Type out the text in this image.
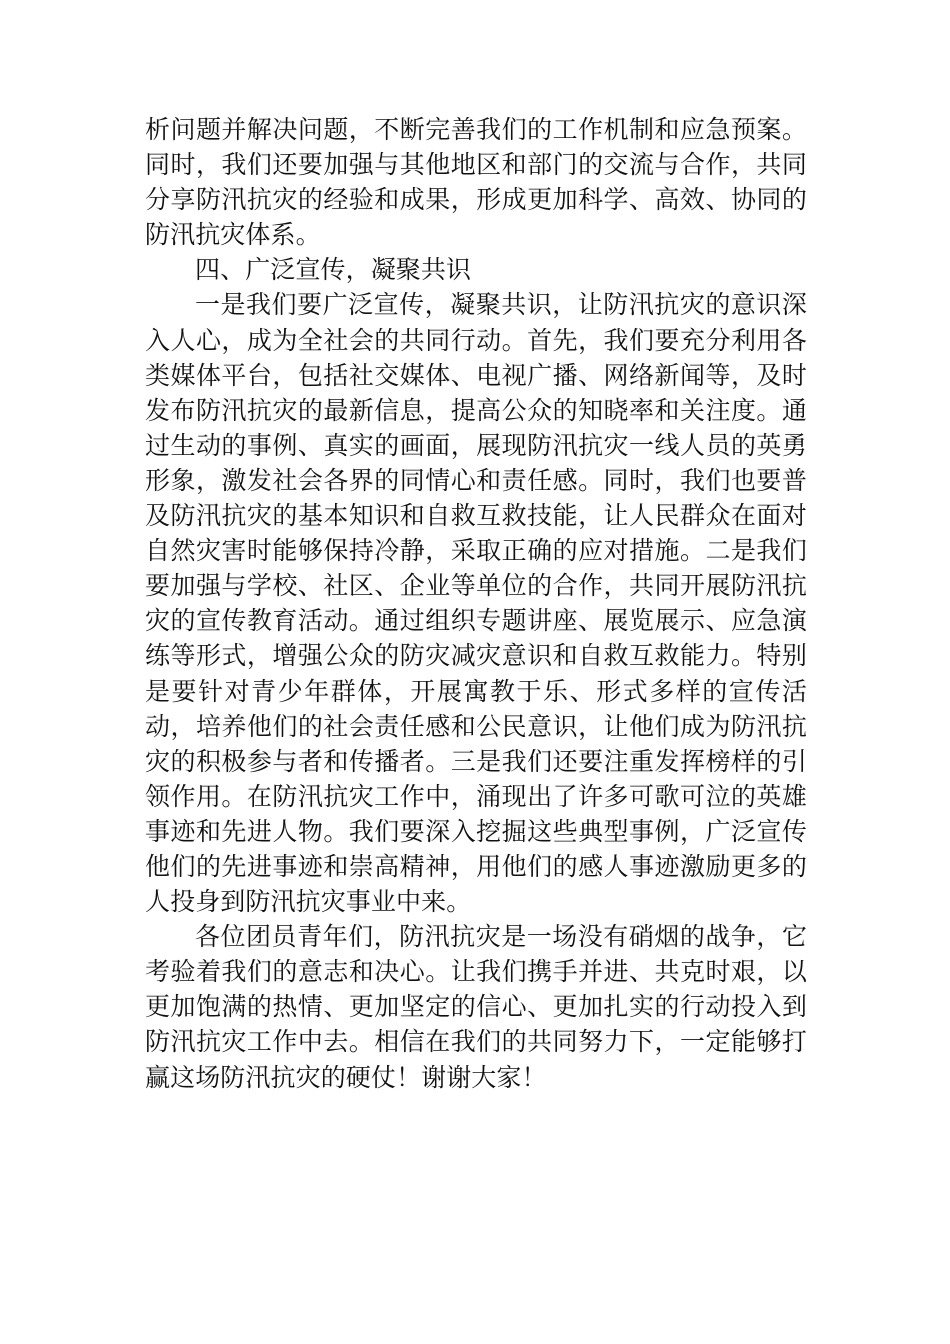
析问题并解决问题，不断完善我们的工作机制和应急预案。同时，我们还要加强与其他地区和部门的交流与合作，共同分享防汛抗灾的经验和成果，形成更加科学、高效、协同的防汛抗灾体系。

四、广泛宣传，凝聚共识

一是我们要广泛宣传，凝聚共识，让防汛抗灾的意识深入人心，成为全社会的共同行动。首先，我们要充分利用各类媒体平台，包括社交媒体、电视广播、网络新闻等，及时发布防汛抗灾的最新信息，提高公众的知晓率和关注度。通过生动的事例、真实的画面，展现防汛抗灾一线人员的英勇形象，激发社会各界的同情心和责任感。同时，我们也要普及防汛抗灾的基本知识和自救互救技能，让人民群众在面对自然灾害时能够保持冷静，采取正确的应对措施。二是我们要加强与学校、社区、企业等单位的合作，共同开展防汛抗灾的宣传教育活动。通过组织专题讲座、展览展示、应急演练等形式，增强公众的防灾减灾意识和自救互救能力。特别是要针对青少年群体，开展寓教于乐、形式多样的宣传活动，培养他们的社会责任感和公民意识，让他们成为防汛抗灾的积极参与者和传播者。三是我们还要注重发挥榜样的引领作用。在防汛抗灾工作中，涌现出了许多可歌可泣的英雄事迹和先进人物。我们要深入挖掘这些典型事例，广泛宣传他们的先进事迹和崇高精神，用他们的感人事迹激励更多的人投身到防汛抗灾事业中来。

各位团员青年们，防汛抗灾是一场没有硝烟的战争，它考验着我们的意志和决心。让我们携手并进、共克时艰，以更加饱满的热情、更加坚定的信心、更加扎实的行动投入到防汛抗灾工作中去。相信在我们的共同努力下，一定能够打赢这场防汛抗灾的硬仗！谢谢大家！
